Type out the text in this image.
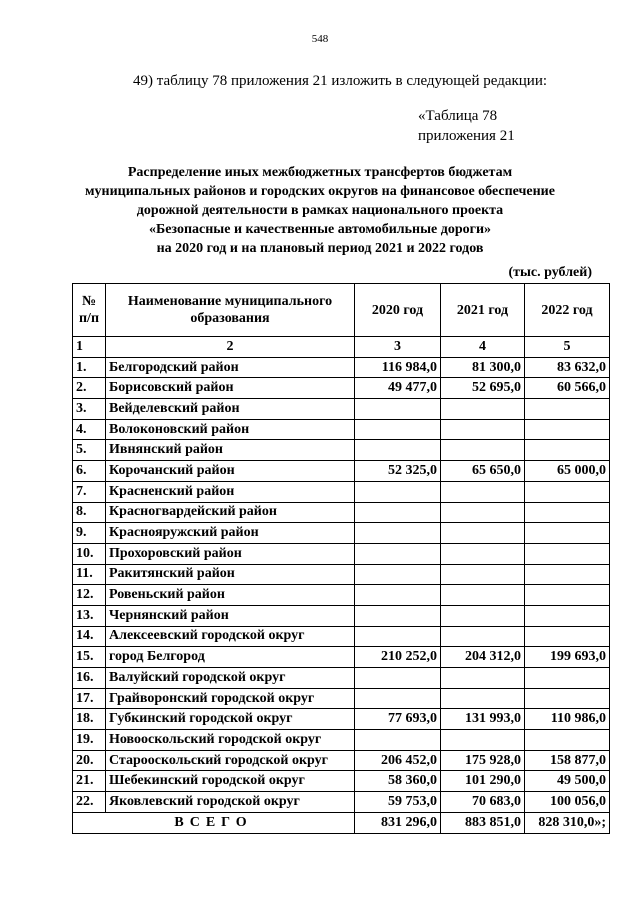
548
49) таблицу 78 приложения 21 изложить в следующей редакции:
«Таблица 78
приложения 21
Распределение иных межбюджетных трансфертов бюджетам
муниципальных районов и городских округов на финансовое обеспечение
дорожной деятельности в рамках национального проекта
«Безопасные и качественные автомобильные дороги»
на 2020 год и на плановый период 2021 и 2022 годов
(тыс. рублей)
№ п/п	Наименование муниципального образования	2020 год	2021 год	2022 год
1	2	3	4	5
1.	Белгородский район	116 984,0	81 300,0	83 632,0
2.	Борисовский район	49 477,0	52 695,0	60 566,0
3.	Вейделевский район			
4.	Волоконовский район			
5.	Ивнянский район			
6.	Корочанский район	52 325,0	65 650,0	65 000,0
7.	Красненский район			
8.	Красногвардейский район			
9.	Краснояружский район			
10.	Прохоровский район			
11.	Ракитянский район			
12.	Ровеньский район			
13.	Чернянский район			
14.	Алексеевский городской округ			
15.	город Белгород	210 252,0	204 312,0	199 693,0
16.	Валуйский городской округ			
17.	Грайворонский городской округ			
18.	Губкинский городской округ	77 693,0	131 993,0	110 986,0
19.	Новооскольский городской округ			
20.	Старооскольский городской округ	206 452,0	175 928,0	158 877,0
21.	Шебекинский городской округ	58 360,0	101 290,0	49 500,0
22.	Яковлевский городской округ	59 753,0	70 683,0	100 056,0
ВСЕГО		831 296,0	883 851,0	828 310,0»;
